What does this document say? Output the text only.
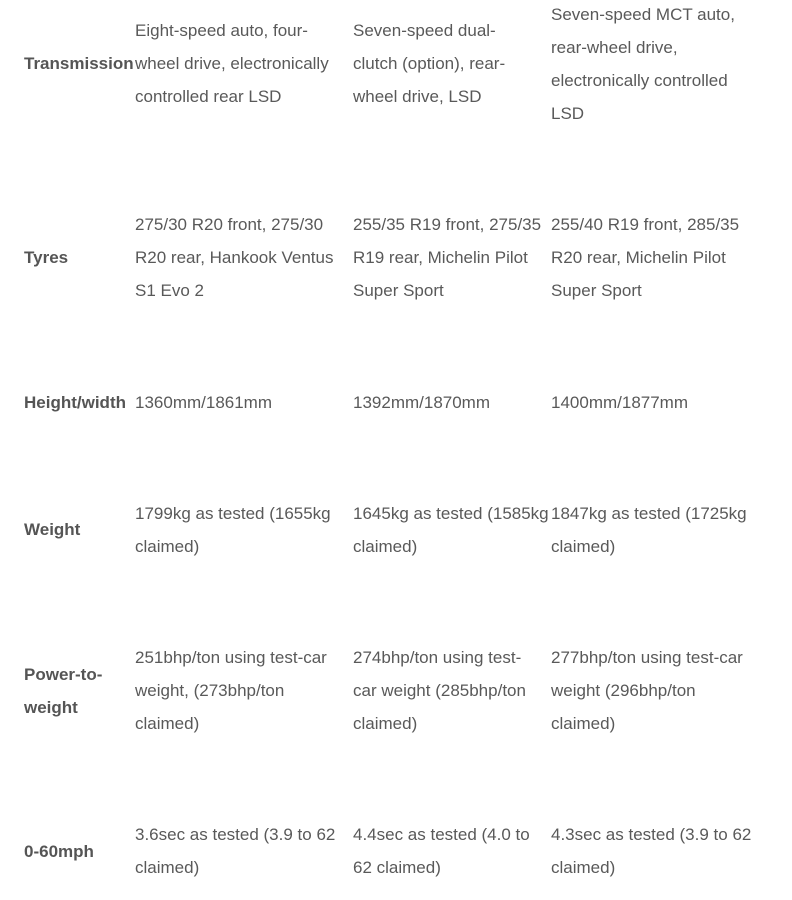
Transmission
Eight-speed auto, four-
wheel drive, electronically
controlled rear LSD
Seven-speed dual-
clutch (option), rear-
wheel drive, LSD
Seven-speed MCT auto,
rear-wheel drive,
electronically controlled
LSD
Tyres
275/30 R20 front, 275/30
R20 rear, Hankook Ventus
S1 Evo 2
255/35 R19 front, 275/35
R19 rear, Michelin Pilot
Super Sport
255/40 R19 front, 285/35
R20 rear, Michelin Pilot
Super Sport
Height/width 1360mm/1861mm	1392mm/1870mm	1400mm/1877mm
Weight
1799kg as tested (1655kg
claimed)
1645kg as tested (1585kg
claimed)
1847kg as tested (1725kg
claimed)
Power-to-
weight
251bhp/ton using test-car
weight, (273bhp/ton
claimed)
274bhp/ton using test-
car weight (285bhp/ton
claimed)
277bhp/ton using test-car
weight (296bhp/ton
claimed)
0-60mph
3.6sec as tested (3.9 to 62
claimed)
4.4sec as tested (4.0 to
62 claimed)
4.3sec as tested (3.9 to 62
claimed)
